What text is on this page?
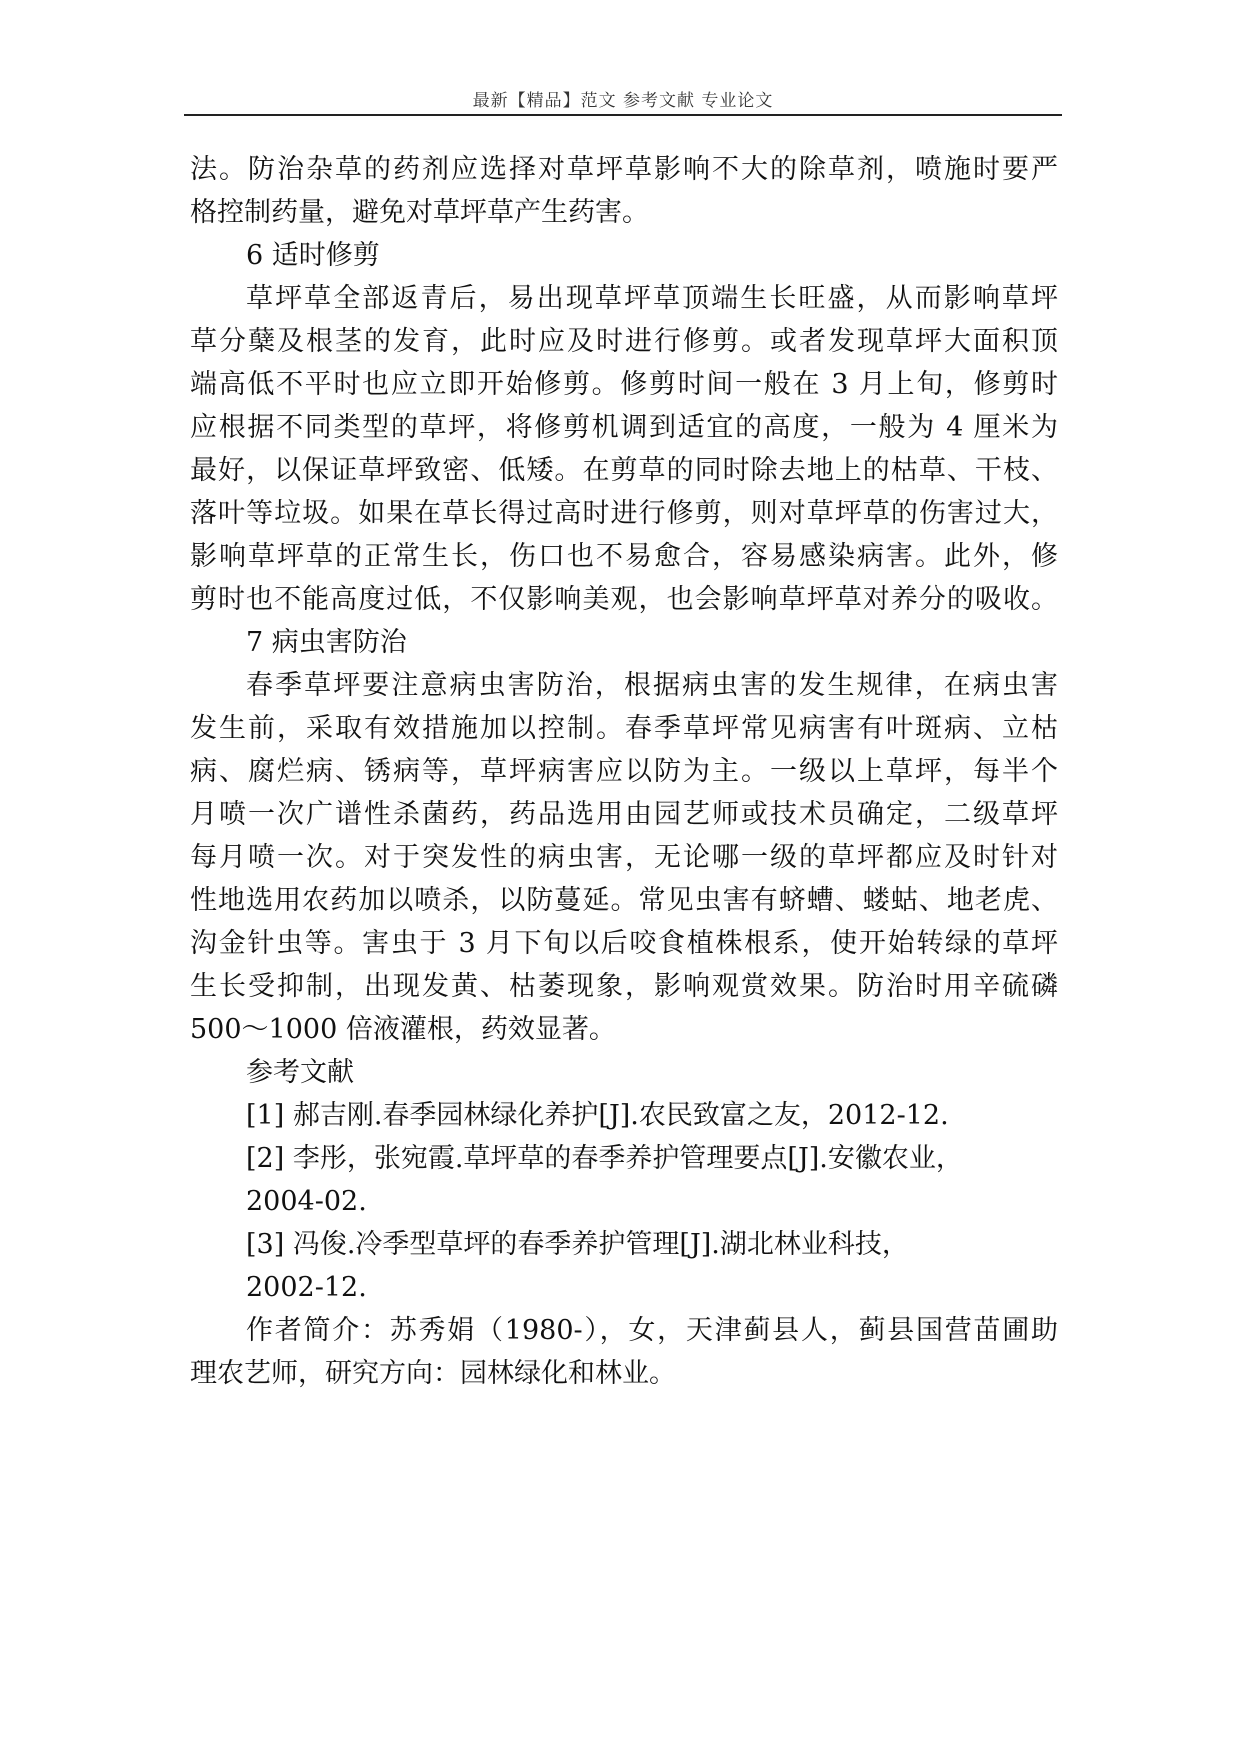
最新【精品】范文 参考文献 专业论文
法。防治杂草的药剂应选择对草坪草影响不大的除草剂，喷施时要严
格控制药量，避免对草坪草产生药害。
6 适时修剪
草坪草全部返青后，易出现草坪草顶端生长旺盛，从而影响草坪
草分蘖及根茎的发育，此时应及时进行修剪。或者发现草坪大面积顶
端高低不平时也应立即开始修剪。修剪时间一般在 3 月上旬，修剪时
应根据不同类型的草坪，将修剪机调到适宜的高度，一般为 4 厘米为
最好，以保证草坪致密、低矮。在剪草的同时除去地上的枯草、干枝、
落叶等垃圾。如果在草长得过高时进行修剪，则对草坪草的伤害过大，
影响草坪草的正常生长，伤口也不易愈合，容易感染病害。此外，修
剪时也不能高度过低，不仅影响美观，也会影响草坪草对养分的吸收。
7 病虫害防治
春季草坪要注意病虫害防治，根据病虫害的发生规律，在病虫害
发生前，采取有效措施加以控制。春季草坪常见病害有叶斑病、立枯
病、腐烂病、锈病等，草坪病害应以防为主。一级以上草坪，每半个
月喷一次广谱性杀菌药，药品选用由园艺师或技术员确定，二级草坪
每月喷一次。对于突发性的病虫害，无论哪一级的草坪都应及时针对
性地选用农药加以喷杀，以防蔓延。常见虫害有蛴螬、蝼蛄、地老虎、
沟金针虫等。害虫于 3 月下旬以后咬食植株根系，使开始转绿的草坪
生长受抑制，出现发黄、枯萎现象，影响观赏效果。防治时用辛硫磷
500～1000 倍液灌根，药效显著。
参考文献
[1] 郝吉刚.春季园林绿化养护[J].农民致富之友，2012-12.
[2] 李彤，张宛霞.草坪草的春季养护管理要点[J].安徽农业，
2004-02.
[3] 冯俊.冷季型草坪的春季养护管理[J].湖北林业科技，
2002-12.
作者简介：苏秀娟（1980-），女，天津蓟县人，蓟县国营苗圃助
理农艺师，研究方向：园林绿化和林业。
